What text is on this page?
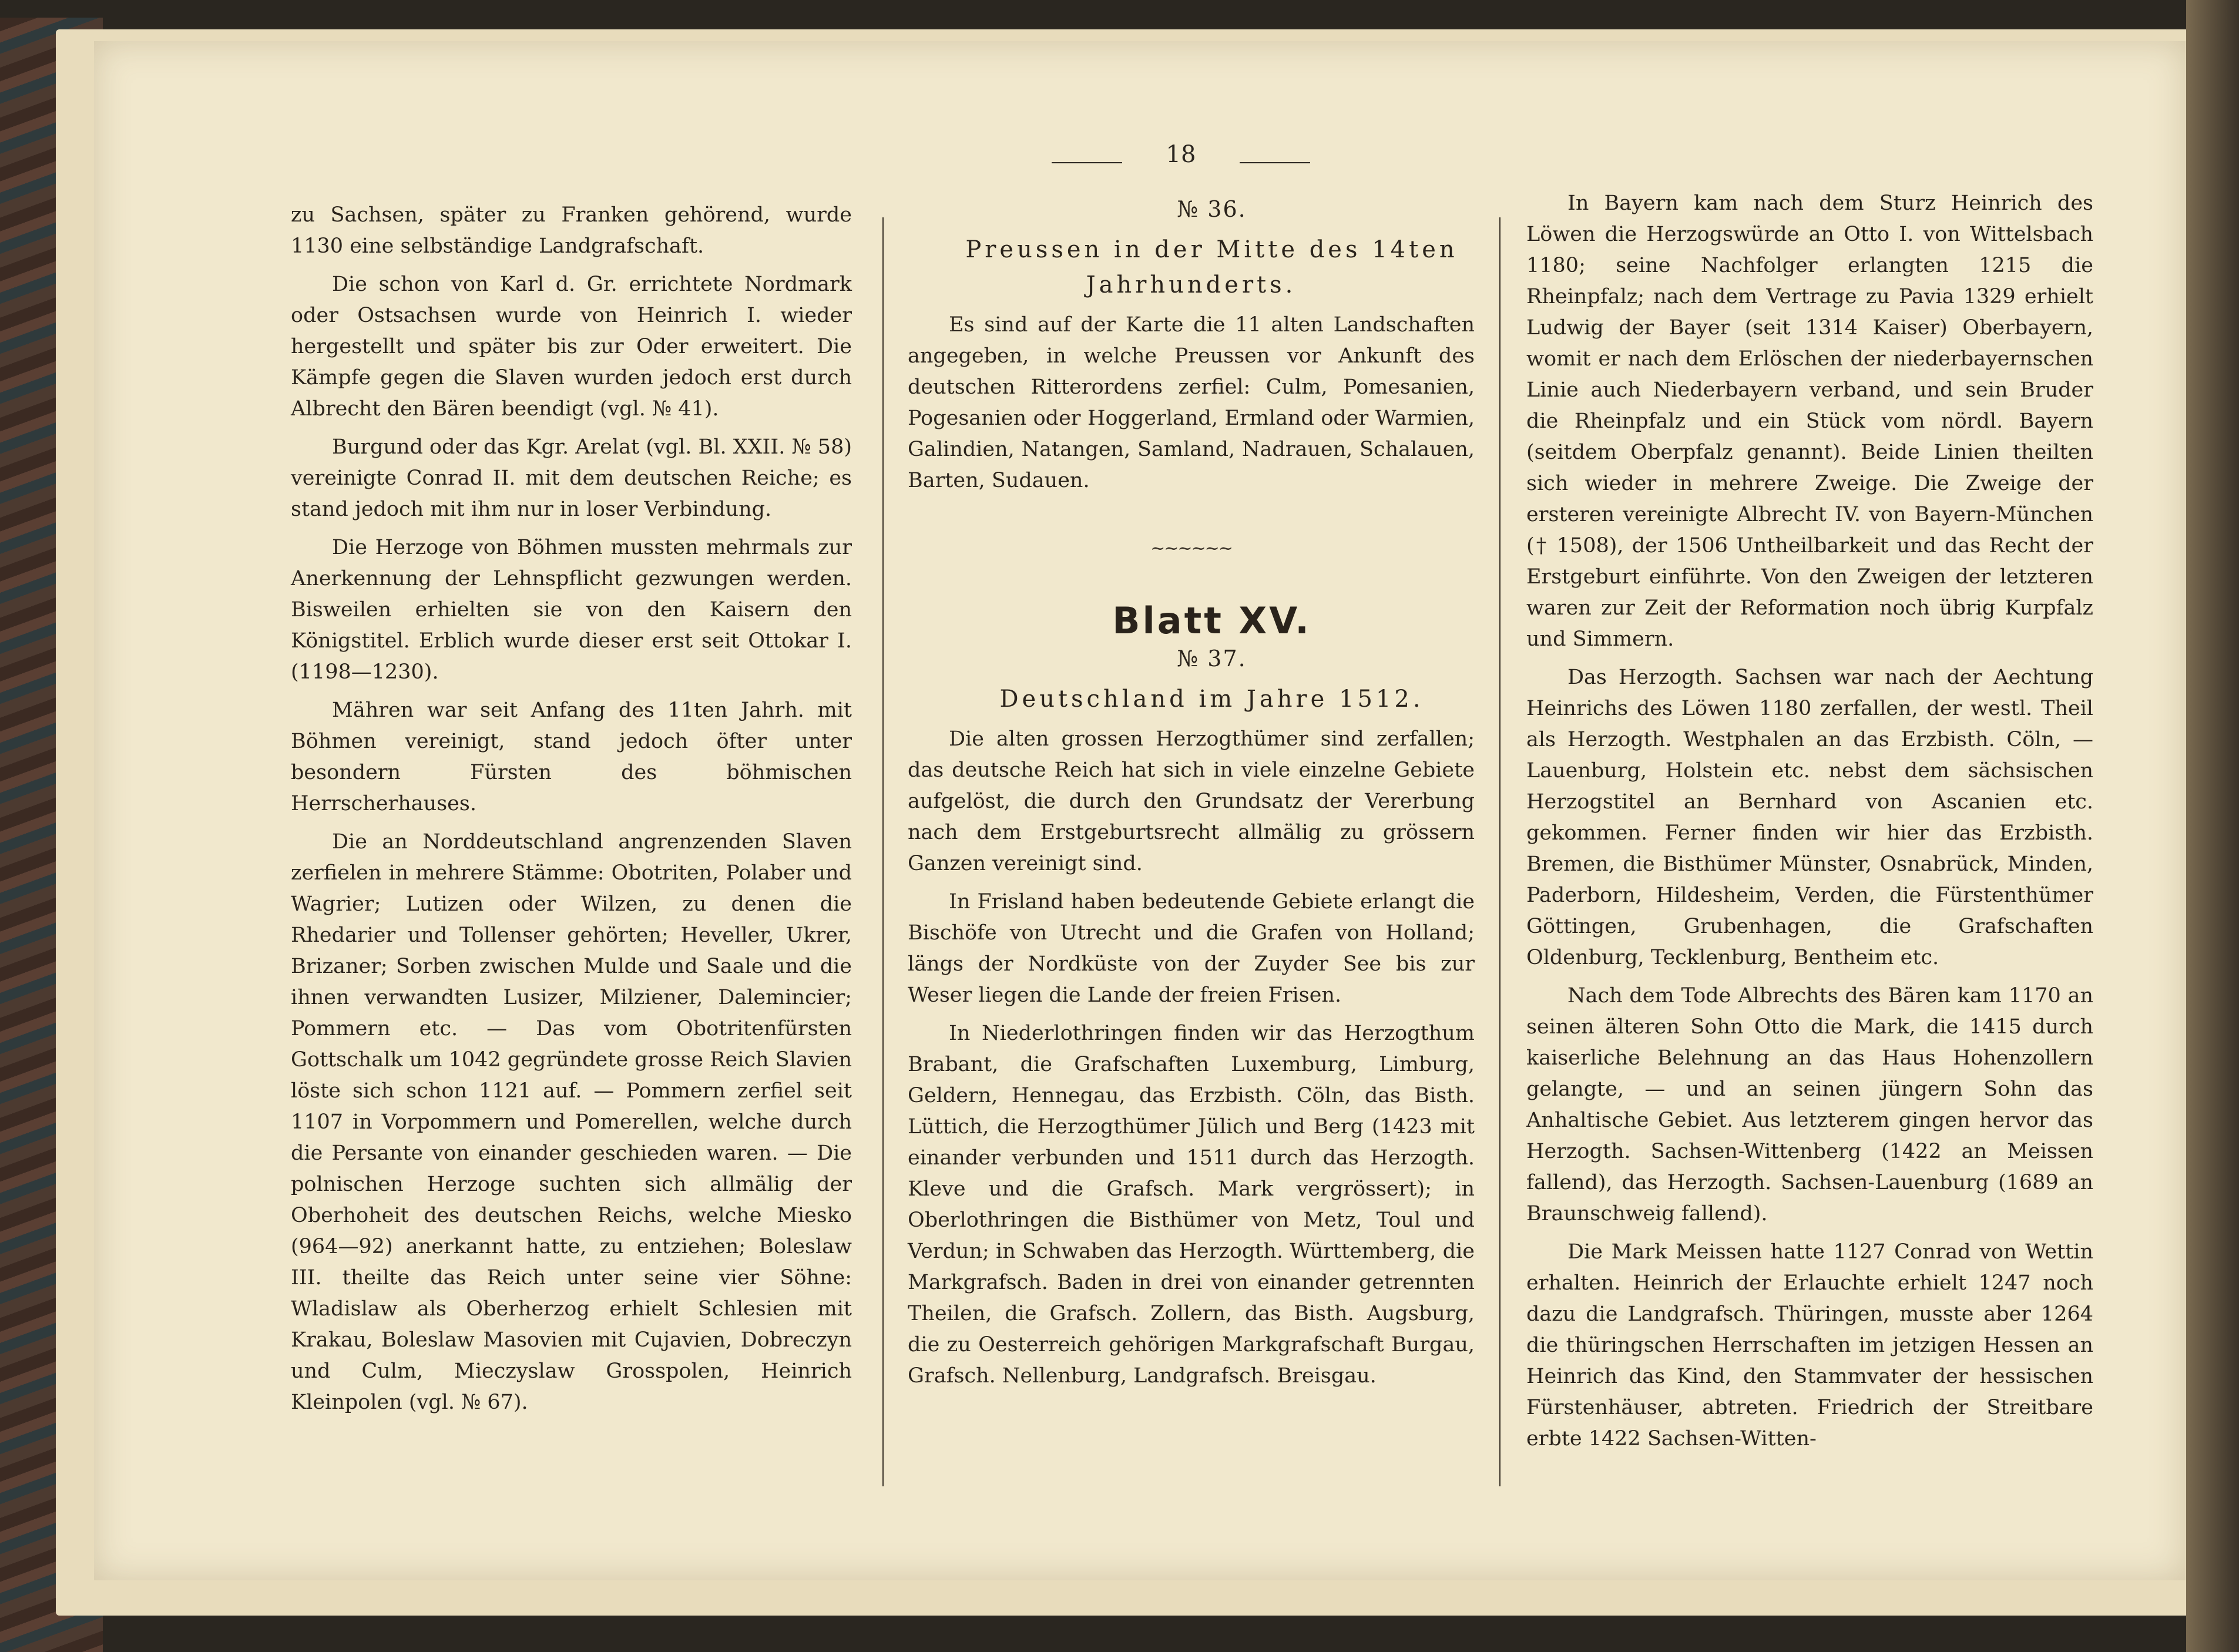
18

zu Sachsen, später zu Franken gehörend, wurde 1130 eine selbständige Landgrafschaft.

Die schon von Karl d. Gr. errichtete Nordmark oder Ostsachsen wurde von Heinrich I. wieder hergestellt und später bis zur Oder erweitert. Die Kämpfe gegen die Slaven wurden jedoch erst durch Albrecht den Bären beendigt (vgl. № 41).

Burgund oder das Kgr. Arelat (vgl. Bl. XXII. № 58) vereinigte Conrad II. mit dem deutschen Reiche; es stand jedoch mit ihm nur in loser Verbindung.

Die Herzoge von Böhmen mussten mehrmals zur Anerkennung der Lehnspflicht gezwungen werden. Bisweilen erhielten sie von den Kaisern den Königstitel. Erblich wurde dieser erst seit Ottokar I. (1198—1230).

Mähren war seit Anfang des 11ten Jahrh. mit Böhmen vereinigt, stand jedoch öfter unter besondern Fürsten des böhmischen Herrscherhauses.

Die an Norddeutschland angrenzenden Slaven zerfielen in mehrere Stämme: Obotriten, Polaber und Wagrier; Lutizen oder Wilzen, zu denen die Rhedarier und Tollenser gehörten; Heveller, Ukrer, Brizaner; Sorben zwischen Mulde und Saale und die ihnen verwandten Lusizer, Milziener, Dalemincier; Pommern etc. — Das vom Obotritenfürsten Gottschalk um 1042 gegründete grosse Reich Slavien löste sich schon 1121 auf. — Pommern zerfiel seit 1107 in Vorpommern und Pomerellen, welche durch die Persante von einander geschieden waren. — Die polnischen Herzoge suchten sich allmälig der Oberhoheit des deutschen Reichs, welche Miesko (964—92) anerkannt hatte, zu entziehen; Boleslaw III. theilte das Reich unter seine vier Söhne: Wladislaw als Oberherzog erhielt Schlesien mit Krakau, Boleslaw Masovien mit Cujavien, Dobreczyn und Culm, Mieczyslaw Grosspolen, Heinrich Kleinpolen (vgl. № 67).

№ 36.

Preussen in der Mitte des 14ten Jahrhunderts.

Es sind auf der Karte die 11 alten Landschaften angegeben, in welche Preussen vor Ankunft des deutschen Ritterordens zerfiel: Culm, Pomesanien, Pogesanien oder Hoggerland, Ermland oder Warmien, Galindien, Natangen, Samland, Nadrauen, Schalauen, Barten, Sudauen.

~~~~~~

Blatt XV.

№ 37.

Deutschland im Jahre 1512.

Die alten grossen Herzogthümer sind zerfallen; das deutsche Reich hat sich in viele einzelne Gebiete aufgelöst, die durch den Grundsatz der Vererbung nach dem Erstgeburtsrecht allmälig zu grössern Ganzen vereinigt sind.

In Frisland haben bedeutende Gebiete erlangt die Bischöfe von Utrecht und die Grafen von Holland; längs der Nordküste von der Zuyder See bis zur Weser liegen die Lande der freien Frisen.

In Niederlothringen finden wir das Herzogthum Brabant, die Grafschaften Luxemburg, Limburg, Geldern, Hennegau, das Erzbisth. Cöln, das Bisth. Lüttich, die Herzogthümer Jülich und Berg (1423 mit einander verbunden und 1511 durch das Herzogth. Kleve und die Grafsch. Mark vergrössert); in Oberlothringen die Bisthümer von Metz, Toul und Verdun; in Schwaben das Herzogth. Württemberg, die Markgrafsch. Baden in drei von einander getrennten Theilen, die Grafsch. Zollern, das Bisth. Augsburg, die zu Oesterreich gehörigen Markgrafschaft Burgau, Grafsch. Nellenburg, Landgrafsch. Breisgau.

In Bayern kam nach dem Sturz Heinrich des Löwen die Herzogswürde an Otto I. von Wittelsbach 1180; seine Nachfolger erlangten 1215 die Rheinpfalz; nach dem Vertrage zu Pavia 1329 erhielt Ludwig der Bayer (seit 1314 Kaiser) Oberbayern, womit er nach dem Erlöschen der niederbayernschen Linie auch Niederbayern verband, und sein Bruder die Rheinpfalz und ein Stück vom nördl. Bayern (seitdem Oberpfalz genannt). Beide Linien theilten sich wieder in mehrere Zweige. Die Zweige der ersteren vereinigte Albrecht IV. von Bayern-München († 1508), der 1506 Untheilbarkeit und das Recht der Erstgeburt einführte. Von den Zweigen der letzteren waren zur Zeit der Reformation noch übrig Kurpfalz und Simmern.

Das Herzogth. Sachsen war nach der Aechtung Heinrichs des Löwen 1180 zerfallen, der westl. Theil als Herzogth. Westphalen an das Erzbisth. Cöln, — Lauenburg, Holstein etc. nebst dem sächsischen Herzogstitel an Bernhard von Ascanien etc. gekommen. Ferner finden wir hier das Erzbisth. Bremen, die Bisthümer Münster, Osnabrück, Minden, Paderborn, Hildesheim, Verden, die Fürstenthümer Göttingen, Grubenhagen, die Grafschaften Oldenburg, Tecklenburg, Bentheim etc.

Nach dem Tode Albrechts des Bären kam 1170 an seinen älteren Sohn Otto die Mark, die 1415 durch kaiserliche Belehnung an das Haus Hohenzollern gelangte, — und an seinen jüngern Sohn das Anhaltische Gebiet. Aus letzterem gingen hervor das Herzogth. Sachsen-Wittenberg (1422 an Meissen fallend), das Herzogth. Sachsen-Lauenburg (1689 an Braunschweig fallend).

Die Mark Meissen hatte 1127 Conrad von Wettin erhalten. Heinrich der Erlauchte erhielt 1247 noch dazu die Landgrafsch. Thüringen, musste aber 1264 die thüringschen Herrschaften im jetzigen Hessen an Heinrich das Kind, den Stammvater der hessischen Fürstenhäuser, abtreten. Friedrich der Streitbare erbte 1422 Sachsen-Witten-
